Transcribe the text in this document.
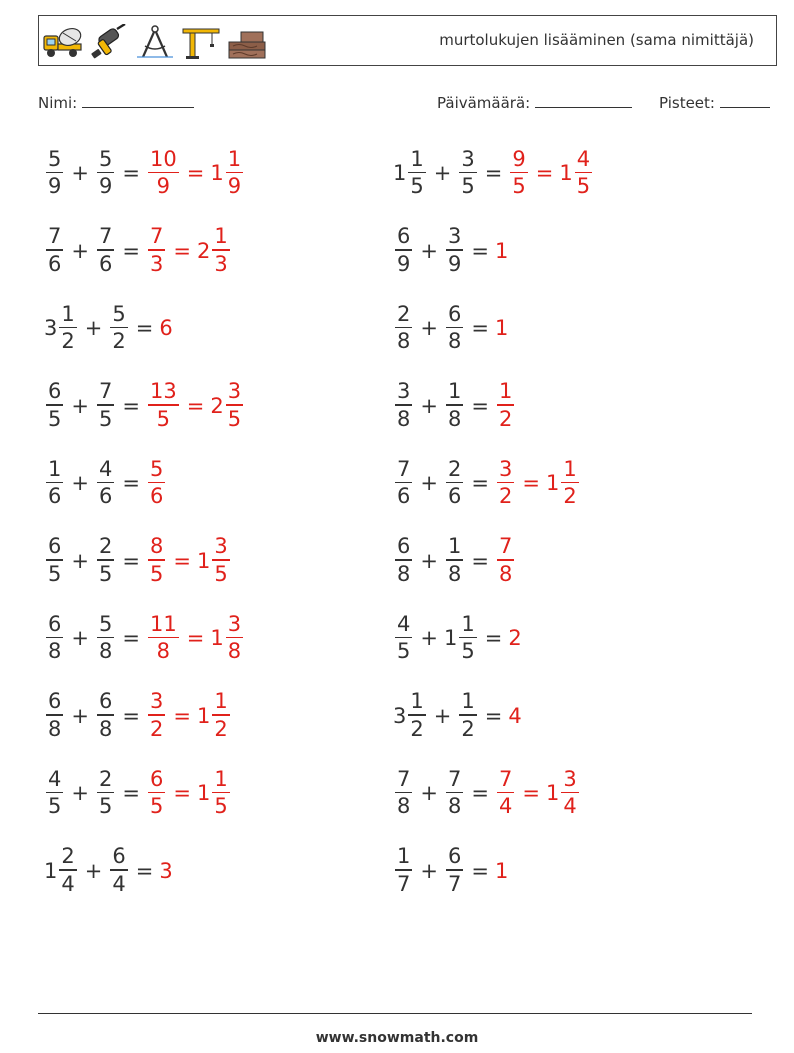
murtolukujen lisääminen (sama nimittäjä)
Nimi:	Päivämäärä:	Pisteet:
$\frac{5}{9} + \frac{5}{9} = \frac{10}{9} = 1 \frac{1}{9}$	$1 \frac{1}{5} + \frac{3}{5} = \frac{9}{5} = 1 \frac{4}{5}$
$\frac{7}{6} + \frac{7}{6} = \frac{7}{3} = 2 \frac{1}{3}$	$\frac{6}{9} + \frac{3}{9} = 1$
$3 \frac{1}{2} + \frac{5}{2} = 6$	$\frac{2}{8} + \frac{6}{8} = 1$
$\frac{6}{5} + \frac{7}{5} = \frac{13}{5} = 2 \frac{3}{5}$	$\frac{3}{8} + \frac{1}{8} = \frac{1}{2}$
$\frac{1}{6} + \frac{4}{6} = \frac{5}{6}$	$\frac{7}{6} + \frac{2}{6} = \frac{3}{2} = 1 \frac{1}{2}$
$\frac{6}{5} + \frac{2}{5} = \frac{8}{5} = 1 \frac{3}{5}$	$\frac{6}{8} + \frac{1}{8} = \frac{7}{8}$
$\frac{6}{8} + \frac{5}{8} = \frac{11}{8} = 1 \frac{3}{8}$	$\frac{4}{5} + 1 \frac{1}{5} = 2$
$\frac{6}{8} + \frac{6}{8} = \frac{3}{2} = 1 \frac{1}{2}$	$3 \frac{1}{2} + \frac{1}{2} = 4$
$\frac{4}{5} + \frac{2}{5} = \frac{6}{5} = 1 \frac{1}{5}$	$\frac{7}{8} + \frac{7}{8} = \frac{7}{4} = 1 \frac{3}{4}$
$1 \frac{2}{4} + \frac{6}{4} = 3$	$\frac{1}{7} + \frac{6}{7} = 1$
www.snowmath.com
